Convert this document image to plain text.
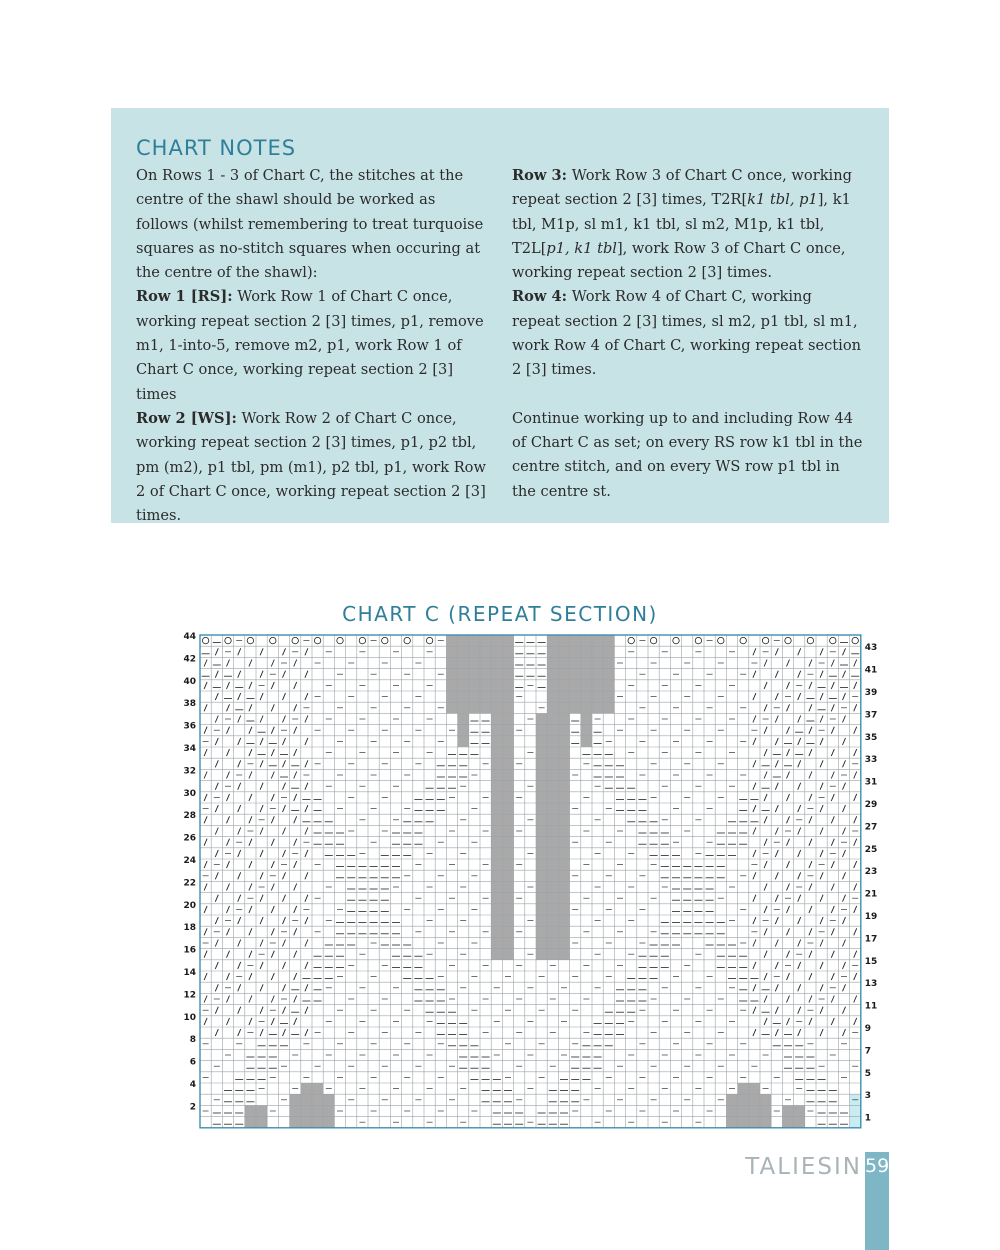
CHART NOTES

On Rows 1 - 3 of Chart C, the stitches at the centre of the shawl should be worked as follows (whilst remembering to treat turquoise squares as no-stitch squares when occuring at the centre of the shawl):

Row 1 [RS]: Work Row 1 of Chart C once, working repeat section 2 [3] times, p1, remove m1, 1-into-5, remove m2, p1, work Row 1 of Chart C once, working repeat section 2 [3] times

Row 2 [WS]: Work Row 2 of Chart C once, working repeat section 2 [3] times, p1, p2 tbl, pm (m2), p1 tbl, pm (m1), p2 tbl, p1, work Row 2 of Chart C once, working repeat section 2 [3] times.

Row 3: Work Row 3 of Chart C once, working repeat section 2 [3] times, T2R[k1 tbl, p1], k1 tbl, M1p, sl m1, k1 tbl, sl m2, M1p, k1 tbl, T2L[p1, k1 tbl], work Row 3 of Chart C once, working repeat section 2 [3] times.

Row 4: Work Row 4 of Chart C, working repeat section 2 [3] times, sl m2, p1 tbl, sl m1, work Row 4 of Chart C, working repeat section 2 [3] times.

Continue working up to and including Row 44 of Chart C as set; on every RS row k1 tbl in the centre stitch, and on every WS row p1 tbl in the centre st.

CHART C (REPEAT SECTION)
44
42
40
38
36
34
32
30
28
26
24
22
20
18
16
14
12
10
8
6
4
2
43
41
39
37
35
33
31
29
27
25
23
21
19
17
15
13
11
9
7
5
3
1

TALIESIN 59
